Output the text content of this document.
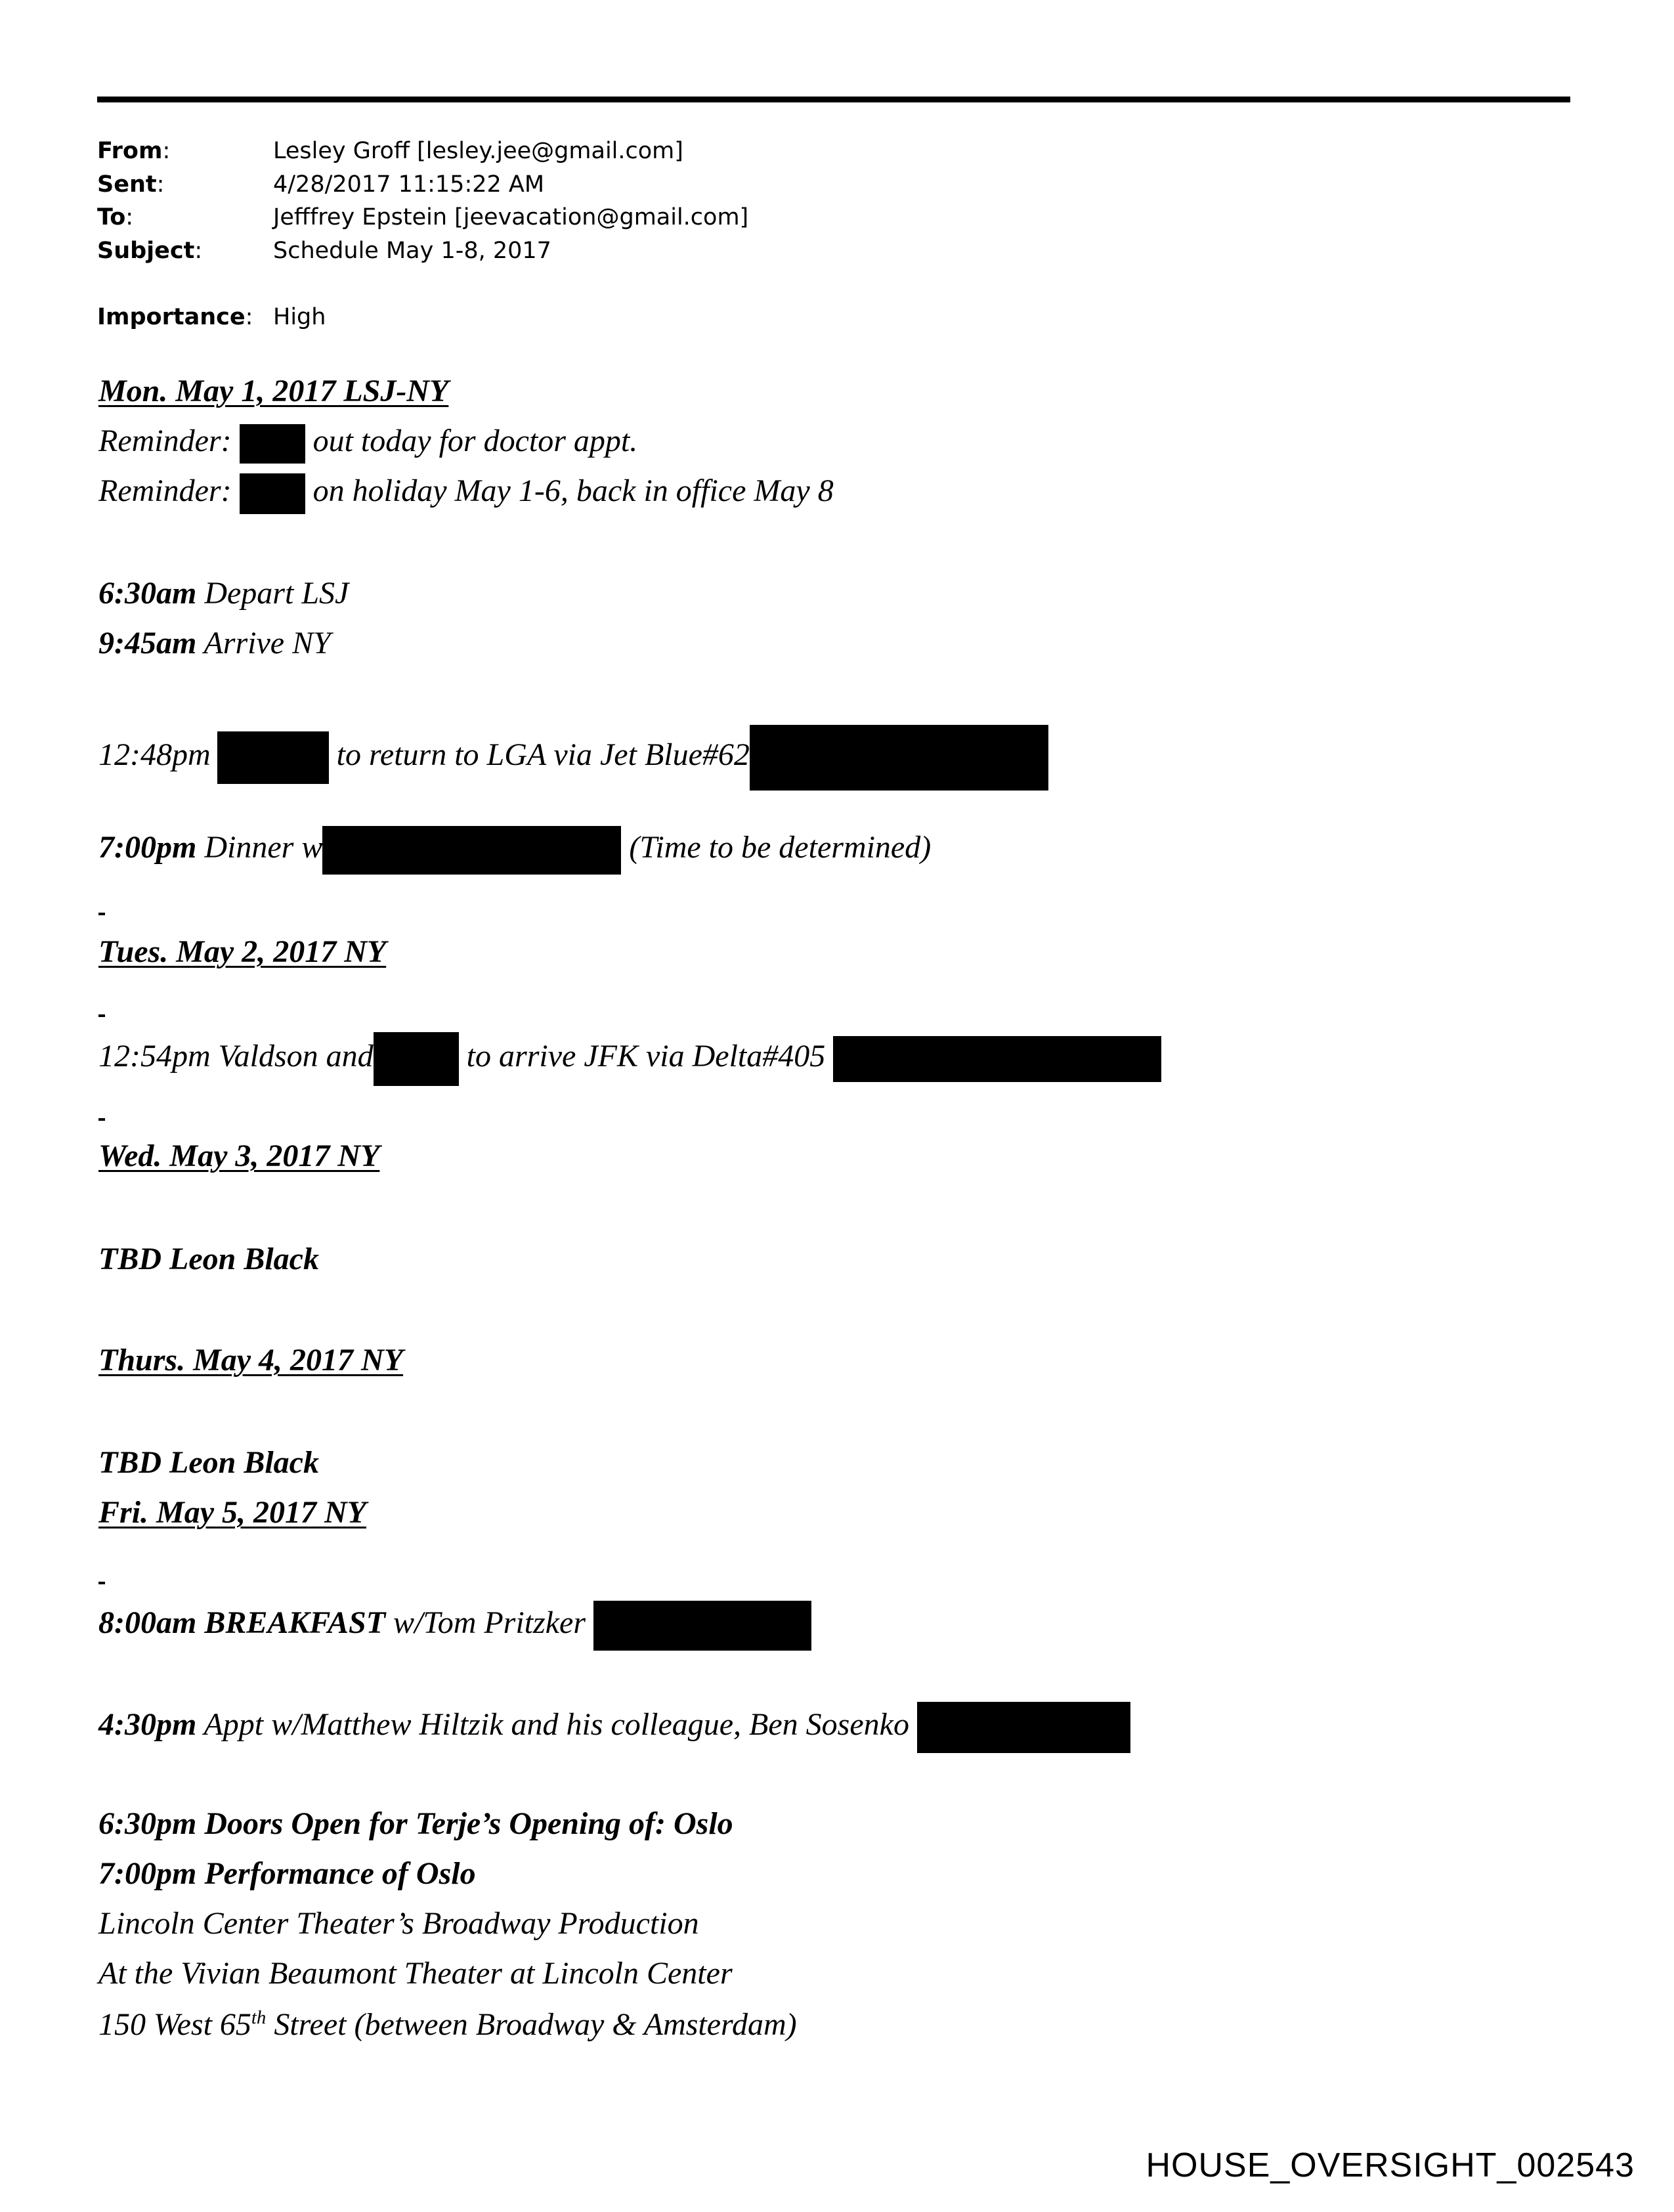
From:	Lesley Groff [lesley.jee@gmail.com]
Sent:	4/28/2017 11:15:22 AM
To:	Jefffrey Epstein [jeevacation@gmail.com]
Subject:	Schedule May 1-8, 2017
Importance: High
Mon. May 1, 2017 LSJ-NY
Reminder:	out today for doctor appt.
Reminder:	on holiday May 1-6, back in office May 8
6:30am Depart LSJ
9:45am Arrive NY
12:48pm	to return to LGA via Jet Blue#62
7:00pm Dinner w	(Time to be determined)
Tues. May 2, 2017 NY
12:54pm Valdson and	to arrive JFK via Delta#405
Wed. May 3, 2017 NY
TBD Leon Black
Thurs. May 4, 2017 NY
TBD Leon Black
Fri. May 5, 2017 NY
8:00am BREAKFAST w/Tom Pritzker
4:30pm Appt w/Matthew Hiltzik and his colleague, Ben Sosenko
6:30pm Doors Open for Terje’s Opening of: Oslo
7:00pm Performance of Oslo
Lincoln Center Theater’s Broadway Production
At the Vivian Beaumont Theater at Lincoln Center
150 West 65th Street (between Broadway & Amsterdam)
HOUSE_OVERSIGHT_002543
